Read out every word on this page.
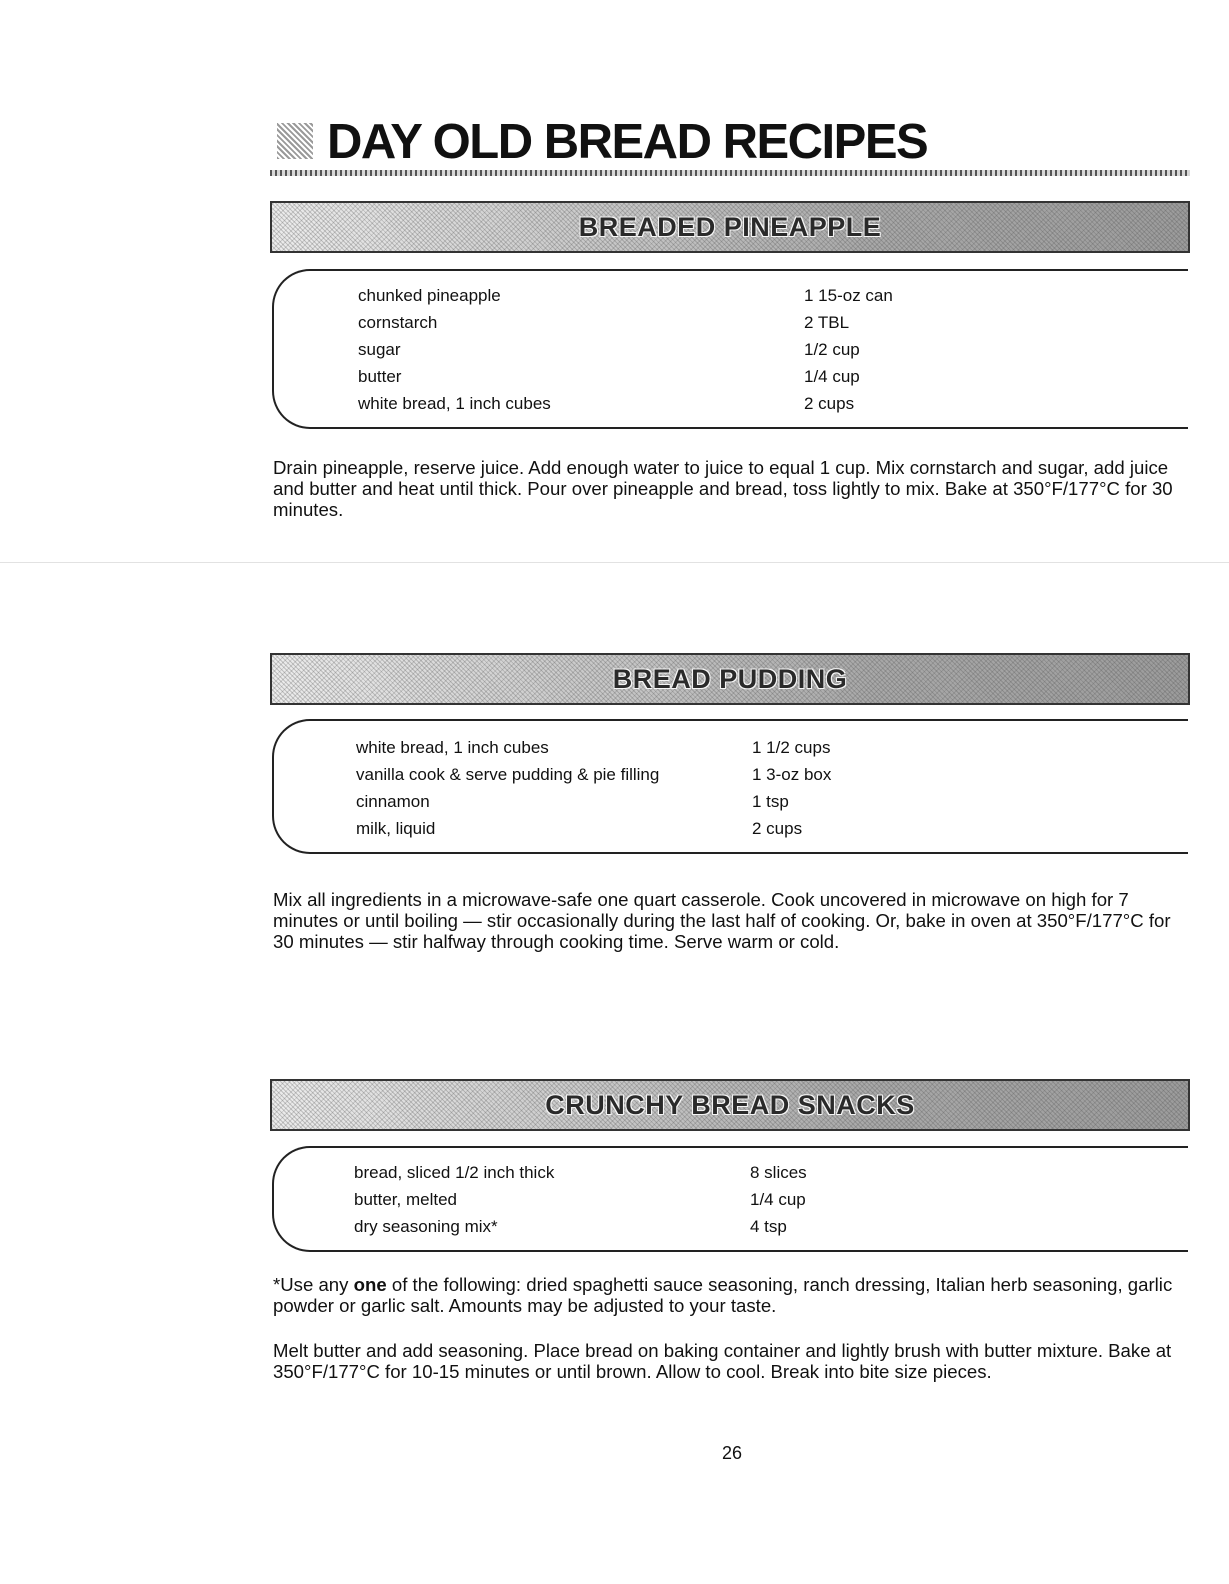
DAY OLD BREAD RECIPES
BREADED PINEAPPLE
chunked pineapple	1 15-oz can
cornstarch	2 TBL
sugar	1/2 cup
butter	1/4 cup
white bread, 1 inch cubes	2 cups

Drain pineapple, reserve juice. Add enough water to juice to equal 1 cup. Mix cornstarch and sugar, add juice and butter and heat until thick. Pour over pineapple and bread, toss lightly to mix. Bake at 350°F/177°C for 30 minutes.

BREAD PUDDING
white bread, 1 inch cubes	1 1/2 cups
vanilla cook & serve pudding & pie filling	1 3-oz box
cinnamon	1 tsp
milk, liquid	2 cups

Mix all ingredients in a microwave-safe one quart casserole. Cook uncovered in microwave on high for 7 minutes or until boiling — stir occasionally during the last half of cooking. Or, bake in oven at 350°F/177°C for 30 minutes — stir halfway through cooking time. Serve warm or cold.

CRUNCHY BREAD SNACKS
bread, sliced 1/2 inch thick	8 slices
butter, melted	1/4 cup
dry seasoning mix*	4 tsp

*Use any one of the following: dried spaghetti sauce seasoning, ranch dressing, Italian herb seasoning, garlic powder or garlic salt. Amounts may be adjusted to your taste.

Melt butter and add seasoning. Place bread on baking container and lightly brush with butter mixture. Bake at 350°F/177°C for 10-15 minutes or until brown. Allow to cool. Break into bite size pieces.

26
